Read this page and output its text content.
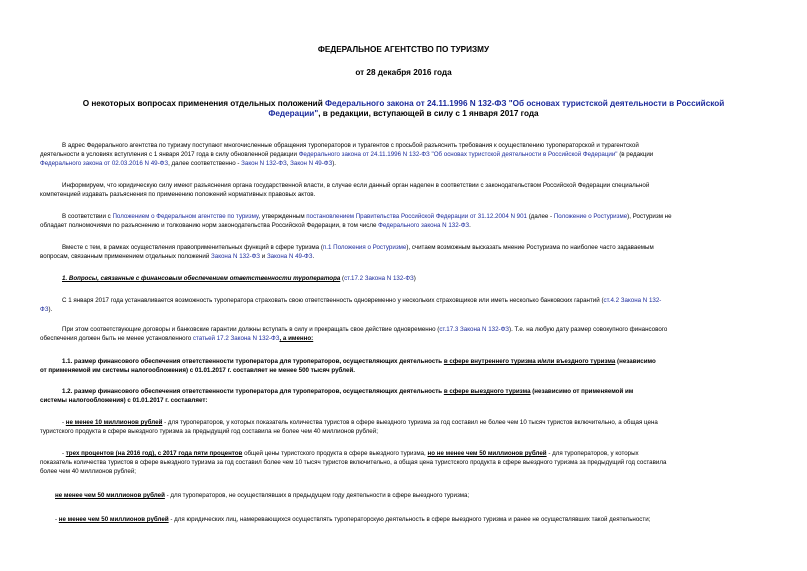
ФЕДЕРАЛЬНОЕ АГЕНТСТВО ПО ТУРИЗМУ
от 28 декабря 2016 года
О некоторых вопросах применения отдельных положений Федерального закона от 24.11.1996 N 132-ФЗ "Об основах туристской деятельности в Российской
Федерации", в редакции, вступающей в силу с 1 января 2017 года
В адрес Федерального агентства по туризму поступают многочисленные обращения туроператоров и турагентов с просьбой разъяснить требования к осуществлению туроператорской и турагентской
деятельности в условиях вступления с 1 января 2017 года в силу обновленной редакции Федерального закона от 24.11.1996 N 132-ФЗ "Об основах туристской деятельности в Российской Федерации" (в редакции
Федерального закона от 02.03.2016 N 49-ФЗ, далее соответственно - Закон N 132-ФЗ, Закон N 49-ФЗ).
Информируем, что юридическую силу имеют разъяснения органа государственной власти, в случае если данный орган наделен в соответствии с законодательством Российской Федерации специальной
компетенцией издавать разъяснения по применению положений нормативных правовых актов.
В соответствии с Положением о Федеральном агентстве по туризму, утвержденным постановлением Правительства Российской Федерации от 31.12.2004 N 901 (далее - Положение о Ростуризме), Ростуризм не
обладает полномочиями по разъяснению и толкованию норм законодательства Российской Федерации, в том числе Федерального закона N 132-ФЗ.
Вместе с тем, в рамках осуществления правоприменительных функций в сфере туризма (п.1 Положения о Ростуризме), считаем возможным высказать мнение Ростуризма по наиболее часто задаваемым
вопросам, связанным применением отдельных положений Закона N 132-ФЗ и Закона N 49-ФЗ.
1. Вопросы, связанные с финансовым обеспечением ответственности туроператора (ст.17.2 Закона N 132-ФЗ)
С 1 января 2017 года устанавливается возможность туроператора страховать свою ответственность одновременно у нескольких страховщиков или иметь несколько банковских гарантий (ст.4.2 Закона N 132-
ФЗ).
При этом соответствующие договоры и банковские гарантии должны вступать в силу и прекращать свое действие одновременно (ст.17.3 Закона N 132-ФЗ). Т.е. на любую дату размер совокупного финансового
обеспечения должен быть не менее установленного статьей 17.2 Закона N 132-ФЗ, а именно:
1.1. размер финансового обеспечения ответственности туроператора для туроператоров, осуществляющих деятельность в сфере внутреннего туризма и/или въездного туризма (независимо
от применяемой им системы налогообложения) с 01.01.2017 г. составляет не менее 500 тысяч рублей.
1.2. размер финансового обеспечения ответственности туроператора для туроператоров, осуществляющих деятельность в сфере выездного туризма (независимо от применяемой им
системы налогообложения) с 01.01.2017 г. составляет:
- не менее 10 миллионов рублей - для туроператоров, у которых показатель количества туристов в сфере выездного туризма за год составил не более чем 10 тысяч туристов включительно, а общая цена
туристского продукта в сфере выездного туризма за предыдущий год составила не более чем 40 миллионов рублей;
- трех процентов (на 2016 год), с 2017 года пяти процентов общей цены туристского продукта в сфере выездного туризма, но не менее чем 50 миллионов рублей - для туроператоров, у которых
показатель количества туристов в сфере выездного туризма за год составил более чем 10 тысяч туристов включительно, а общая цена туристского продукта в сфере выездного туризма за предыдущий год составила
более чем 40 миллионов рублей;
не менее чем 50 миллионов рублей - для туроператоров, не осуществлявших в предыдущем году деятельности в сфере выездного туризма;
- не менее чем 50 миллионов рублей - для юридических лиц, намеревающихся осуществлять туроператорскую деятельность в сфере выездного туризма и ранее не осуществлявших такой деятельности;
